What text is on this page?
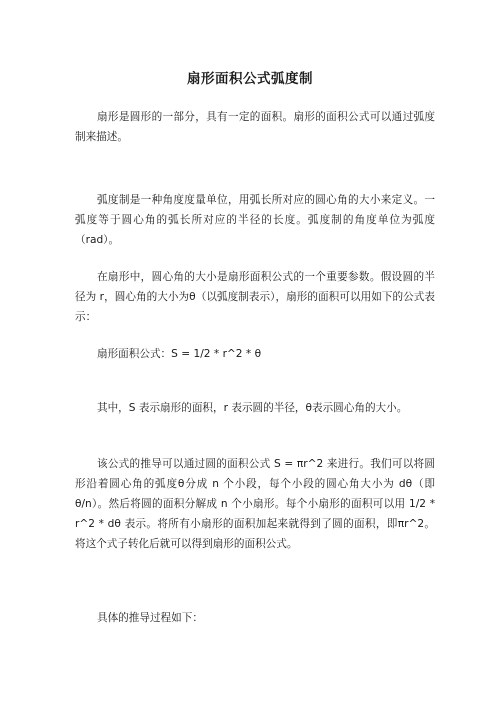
扇形面积公式弧度制
扇形是圆形的一部分，具有一定的面积。扇形的面积公式可以通过弧度制来描述。
弧度制是一种角度度量单位，用弧长所对应的圆心角的大小来定义。一弧度等于圆心角的弧长所对应的半径的长度。弧度制的角度单位为弧度（rad）。
在扇形中，圆心角的大小是扇形面积公式的一个重要参数。假设圆的半径为 r，圆心角的大小为θ（以弧度制表示），扇形的面积可以用如下的公式表示：
扇形面积公式：S = 1/2 * r^2 * θ
其中，S 表示扇形的面积，r 表示圆的半径，θ表示圆心角的大小。
该公式的推导可以通过圆的面积公式 S = πr^2 来进行。我们可以将圆形沿着圆心角的弧度θ分成 n 个小段，每个小段的圆心角大小为 dθ（即θ/n）。然后将圆的面积分解成 n 个小扇形。每个小扇形的面积可以用 1/2 * r^2 * dθ 表示。将所有小扇形的面积加起来就得到了圆的面积，即πr^2。将这个式子转化后就可以得到扇形的面积公式。
具体的推导过程如下：
